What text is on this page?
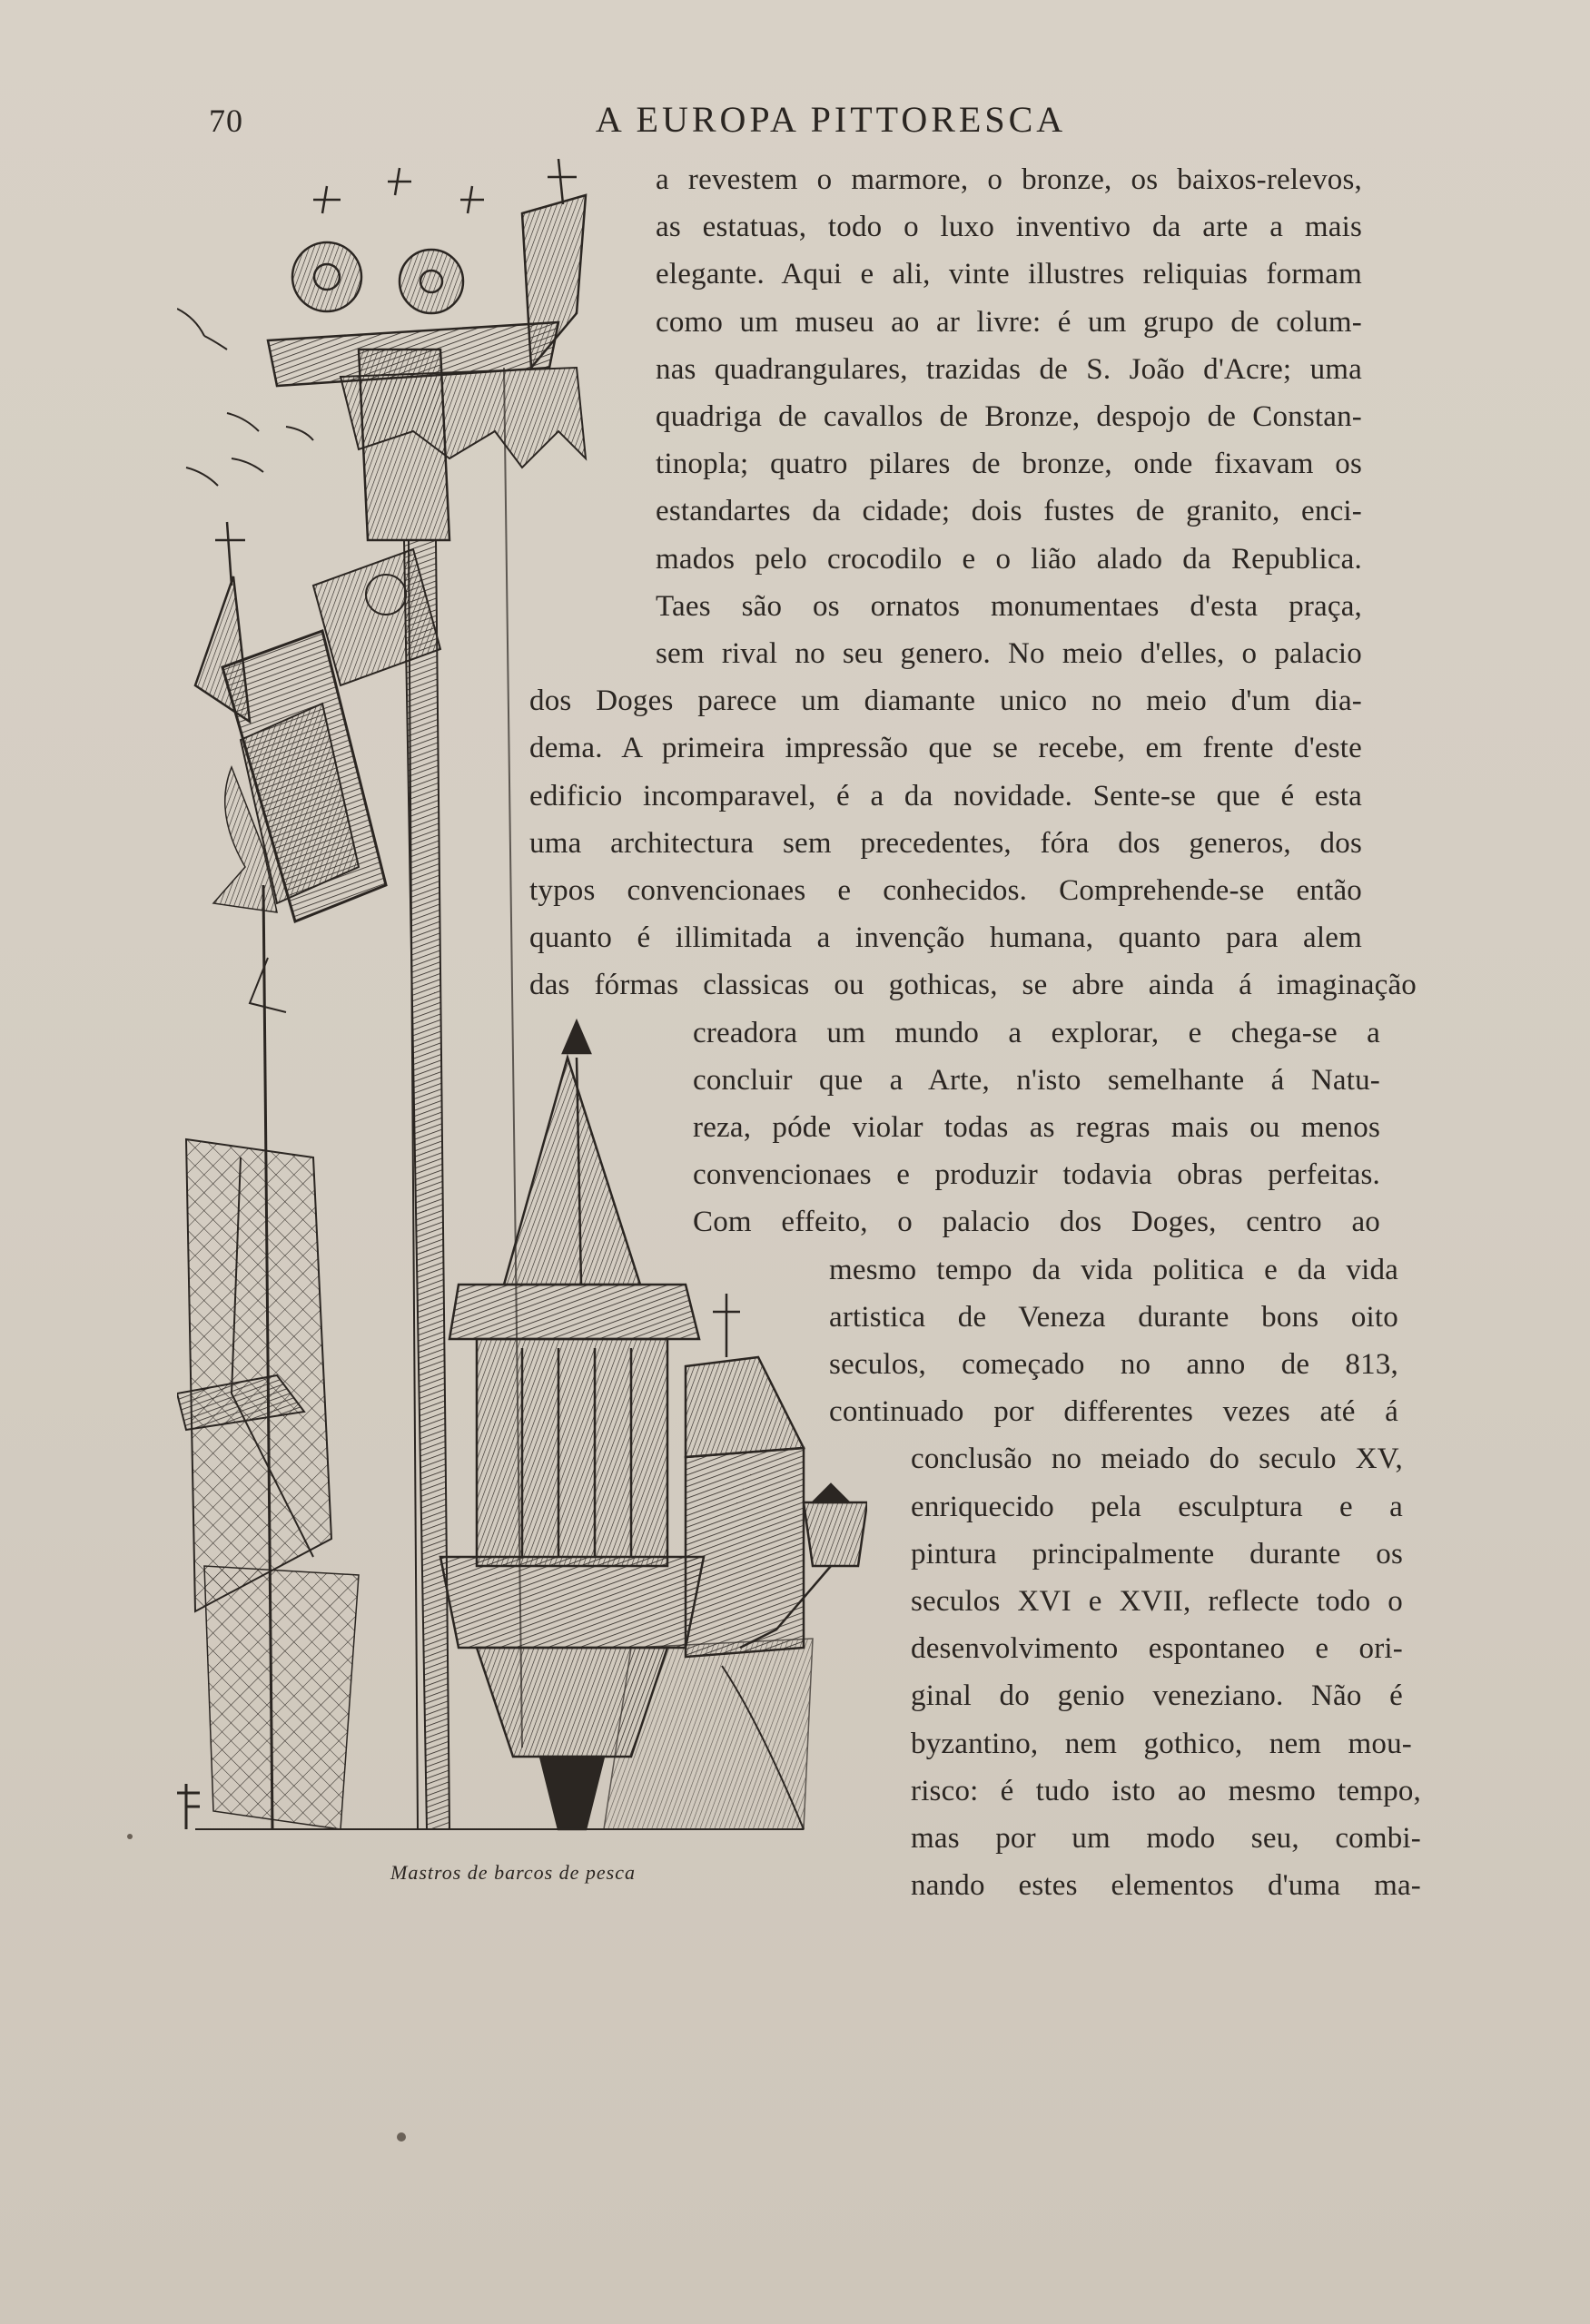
70	A EUROPA PITTORESCA
Mastros de barcos de pesca
a revestem o marmore, o bronze, os baixos-relevos,
as estatuas, todo o luxo inventivo da arte a mais
elegante. Aqui e ali, vinte illustres reliquias formam
como um museu ao ar livre: é um grupo de colum-
nas quadrangulares, trazidas de S. João d'Acre; uma
quadriga de cavallos de Bronze, despojo de Constan-
tinopla; quatro pilares de bronze, onde fixavam os
estandartes da cidade; dois fustes de granito, enci-
mados pelo crocodilo e o lião alado da Republica.
Taes são os ornatos monumentaes d'esta praça,
sem rival no seu genero. No meio d'elles, o palacio
dos Doges parece um diamante unico no meio d'um dia-
dema. A primeira impressão que se recebe, em frente d'este
edificio incomparavel, é a da novidade. Sente-se que é esta
uma architectura sem precedentes, fóra dos generos, dos
typos convencionaes e conhecidos. Comprehende-se então
quanto é illimitada a invenção humana, quanto para alem
das fórmas classicas ou gothicas, se abre ainda á imaginação
creadora um mundo a explorar, e chega-se a
concluir que a Arte, n'isto semelhante á Natu-
reza, póde violar todas as regras mais ou menos
convencionaes e produzir todavia obras perfeitas.
Com effeito, o palacio dos Doges, centro ao
mesmo tempo da vida politica e da vida
artistica de Veneza durante bons oito
seculos, começado no anno de 813,
continuado por differentes vezes até á
conclusão no meiado do seculo XV,
enriquecido pela esculptura e a
pintura principalmente durante os
seculos XVI e XVII, reflecte todo o
desenvolvimento espontaneo e ori-
ginal do genio veneziano. Não é
byzantino, nem gothico, nem mou-
risco: é tudo isto ao mesmo tempo,
mas por um modo seu, combi-
nando estes elementos d'uma ma-
